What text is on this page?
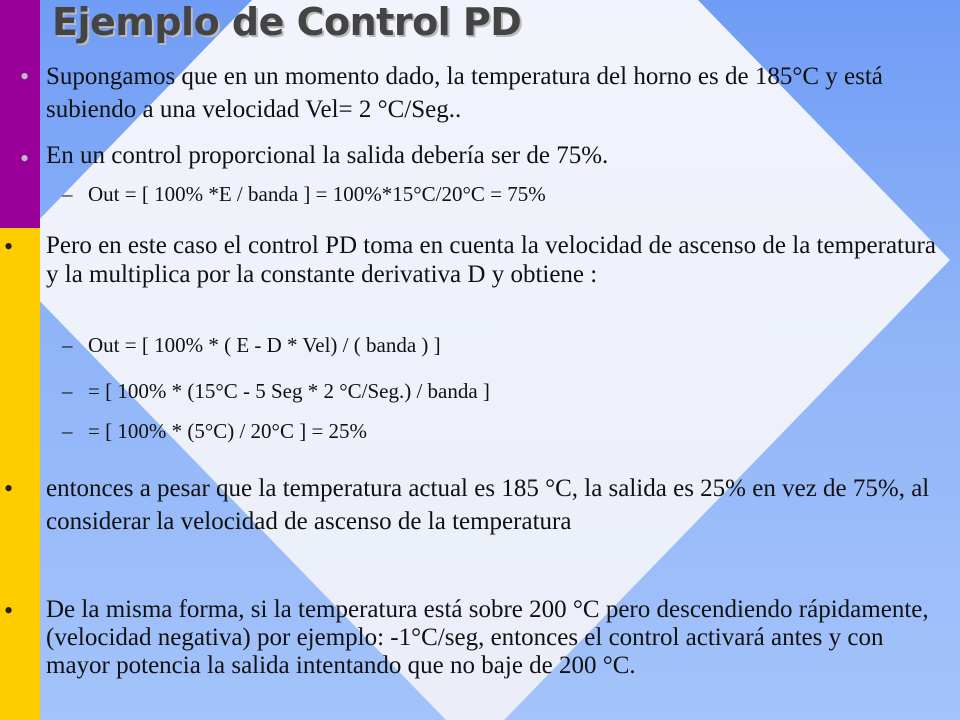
Ejemplo de Control PD
• Supongamos que en un momento dado, la temperatura del horno es de 185°C y está subiendo a una velocidad Vel= 2 °C/Seg..
• En un control proporcional la salida debería ser de 75%.
– Out = [ 100% *E / banda ] = 100%*15°C/20°C = 75%
• Pero en este caso el control PD toma en cuenta la velocidad de ascenso de la temperatura y la multiplica por la constante derivativa D y obtiene :
– Out = [ 100% * ( E - D * Vel) / ( banda ) ]
– = [ 100% * (15°C - 5 Seg * 2 °C/Seg.) / banda ]
– = [ 100% * (5°C) / 20°C ] = 25%
• entonces a pesar que la temperatura actual es 185 °C, la salida es 25% en vez de 75%, al considerar la velocidad de ascenso de la temperatura
• De la misma forma, si la temperatura está sobre 200 °C pero descendiendo rápidamente, (velocidad negativa) por ejemplo: -1°C/seg, entonces el control activará antes y con mayor potencia la salida intentando que no baje de 200 °C.
